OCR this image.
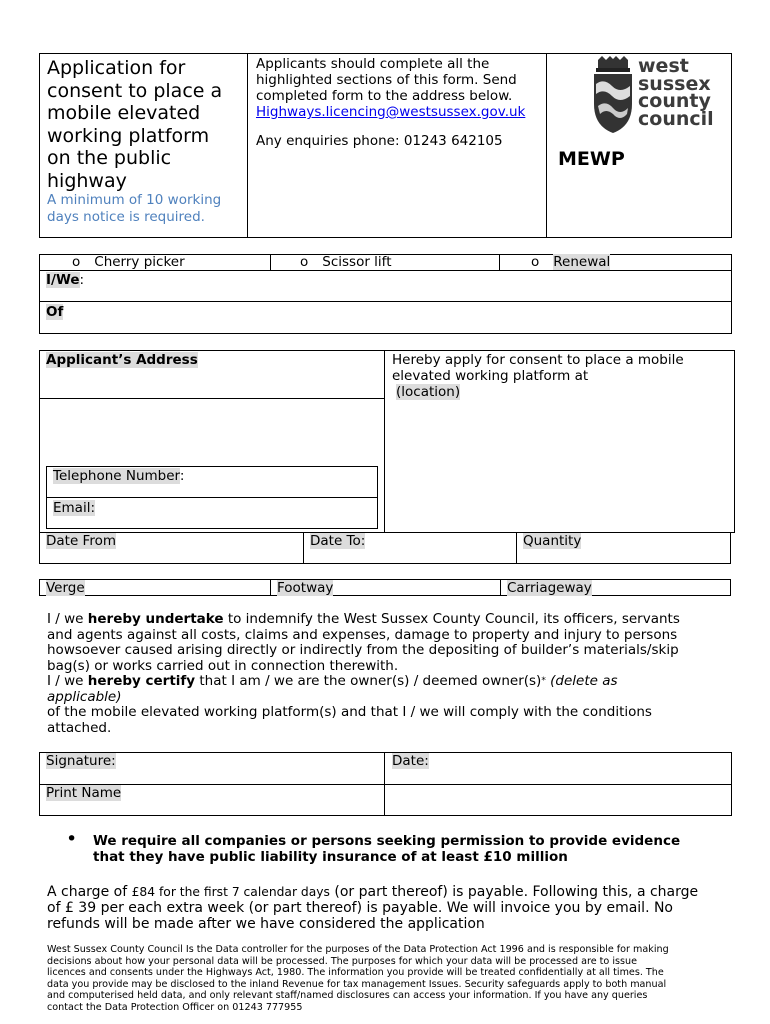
Application for
consent to place a
mobile elevated
working platform
on the public
highway
A minimum of 10 working
days notice is required.
Applicants should complete all the
highlighted sections of this form. Send
completed form to the address below.
Highways.licencing@westsussex.gov.uk
Any enquiries phone: 01243 642105
west
sussex
county
council
MEWP
o Cherry picker	o Scissor lift	o Renewal
I/We:
Of
Applicant’s Address	Hereby apply for consent to place a mobile
elevated working platform at
(location)
Telephone Number:
Email:
Date From	Date To:	Quantity
Verge	Footway	Carriageway
I / we hereby undertake to indemnify the West Sussex County Council, its officers, servants
and agents against all costs, claims and expenses, damage to property and injury to persons
howsoever caused arising directly or indirectly from the depositing of builder’s materials/skip
bag(s) or works carried out in connection therewith.
I / we hereby certify that I am / we are the owner(s) / deemed owner(s)* (delete as
applicable)
of the mobile elevated working platform(s) and that I / we will comply with the conditions
attached.
Signature:	Date:
Print Name
• We require all companies or persons seeking permission to provide evidence
that they have public liability insurance of at least £10 million
A charge of £84 for the first 7 calendar days (or part thereof) is payable. Following this, a charge
of £ 39 per each extra week (or part thereof) is payable. We will invoice you by email. No
refunds will be made after we have considered the application
West Sussex County Council Is the Data controller for the purposes of the Data Protection Act 1996 and is responsible for making
decisions about how your personal data will be processed. The purposes for which your data will be processed are to issue
licences and consents under the Highways Act, 1980. The information you provide will be treated confidentially at all times. The
data you provide may be disclosed to the inland Revenue for tax management Issues. Security safeguards apply to both manual
and computerised held data, and only relevant staff/named disclosures can access your information. If you have any queries
contact the Data Protection Officer on 01243 777955
